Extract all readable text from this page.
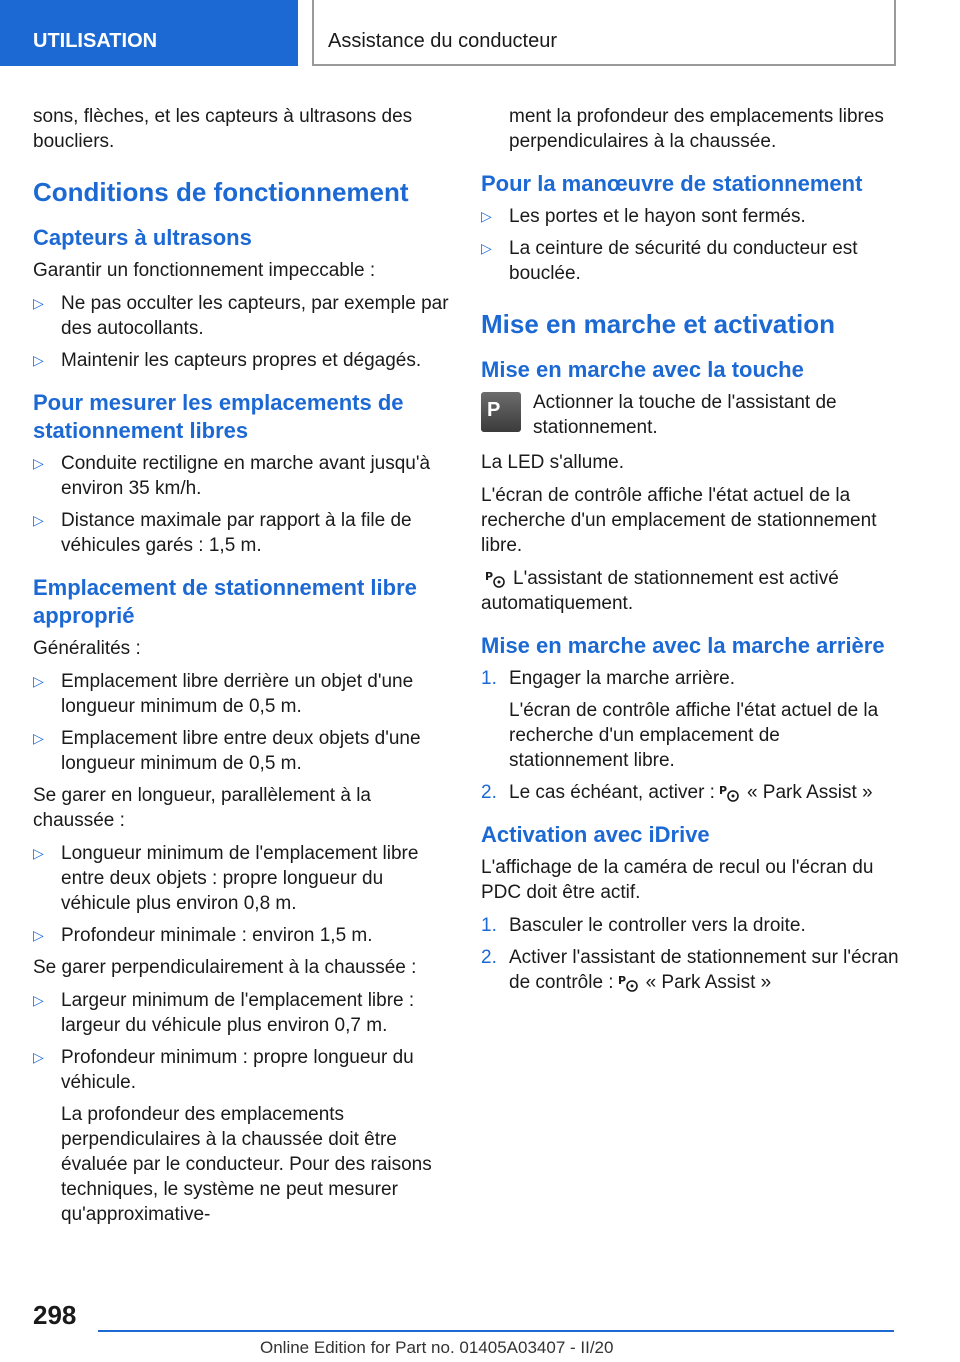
UTILISATION	Assistance du conducteur

sons, flèches, et les capteurs à ultrasons des boucliers.

Conditions de fonctionnement
Capteurs à ultrasons

Garantir un fonctionnement impeccable :

▷ Ne pas occulter les capteurs, par exemple par des autocollants.
▷ Maintenir les capteurs propres et dégagés.
Pour mesurer les emplacements de stationnement libres
▷ Conduite rectiligne en marche avant jusqu'à environ 35 km/h.
▷ Distance maximale par rapport à la file de véhicules garés : 1,5 m.
Emplacement de stationnement libre approprié

Généralités :

▷ Emplacement libre derrière un objet d'une longueur minimum de 0,5 m.
▷ Emplacement libre entre deux objets d'une longueur minimum de 0,5 m.

Se garer en longueur, parallèlement à la chaussée :

▷ Longueur minimum de l'emplacement libre entre deux objets : propre longueur du véhicule plus environ 0,8 m.
▷ Profondeur minimale : environ 1,5 m.

Se garer perpendiculairement à la chaussée :

▷ Largeur minimum de l'emplacement libre : largeur du véhicule plus environ 0,7 m.
▷ Profondeur minimum : propre longueur du véhicule.
La profondeur des emplacements perpendiculaires à la chaussée doit être évaluée par le conducteur. Pour des raisons techniques, le système ne peut mesurer qu'approximative-

ment la profondeur des emplacements libres perpendiculaires à la chaussée.

Pour la manœuvre de stationnement
▷ Les portes et le hayon sont fermés.
▷ La ceinture de sécurité du conducteur est bouclée.
Mise en marche et activation
Mise en marche avec la touche
P	Actionner la touche de l'assistant de stationnement.

La LED s'allume.

L'écran de contrôle affiche l'état actuel de la recherche d'un emplacement de stationnement libre.

P L'assistant de stationnement est activé automatiquement.

Mise en marche avec la marche arrière
1. Engager la marche arrière.
L'écran de contrôle affiche l'état actuel de la recherche d'un emplacement de stationnement libre.
2. Le cas échéant, activer : P « Park Assist »
Activation avec iDrive

L'affichage de la caméra de recul ou l'écran du PDC doit être actif.

1. Basculer le controller vers la droite.
2. Activer l'assistant de stationnement sur l'écran de contrôle : P « Park Assist »
298
Online Edition for Part no. 01405A03407 - II/20
